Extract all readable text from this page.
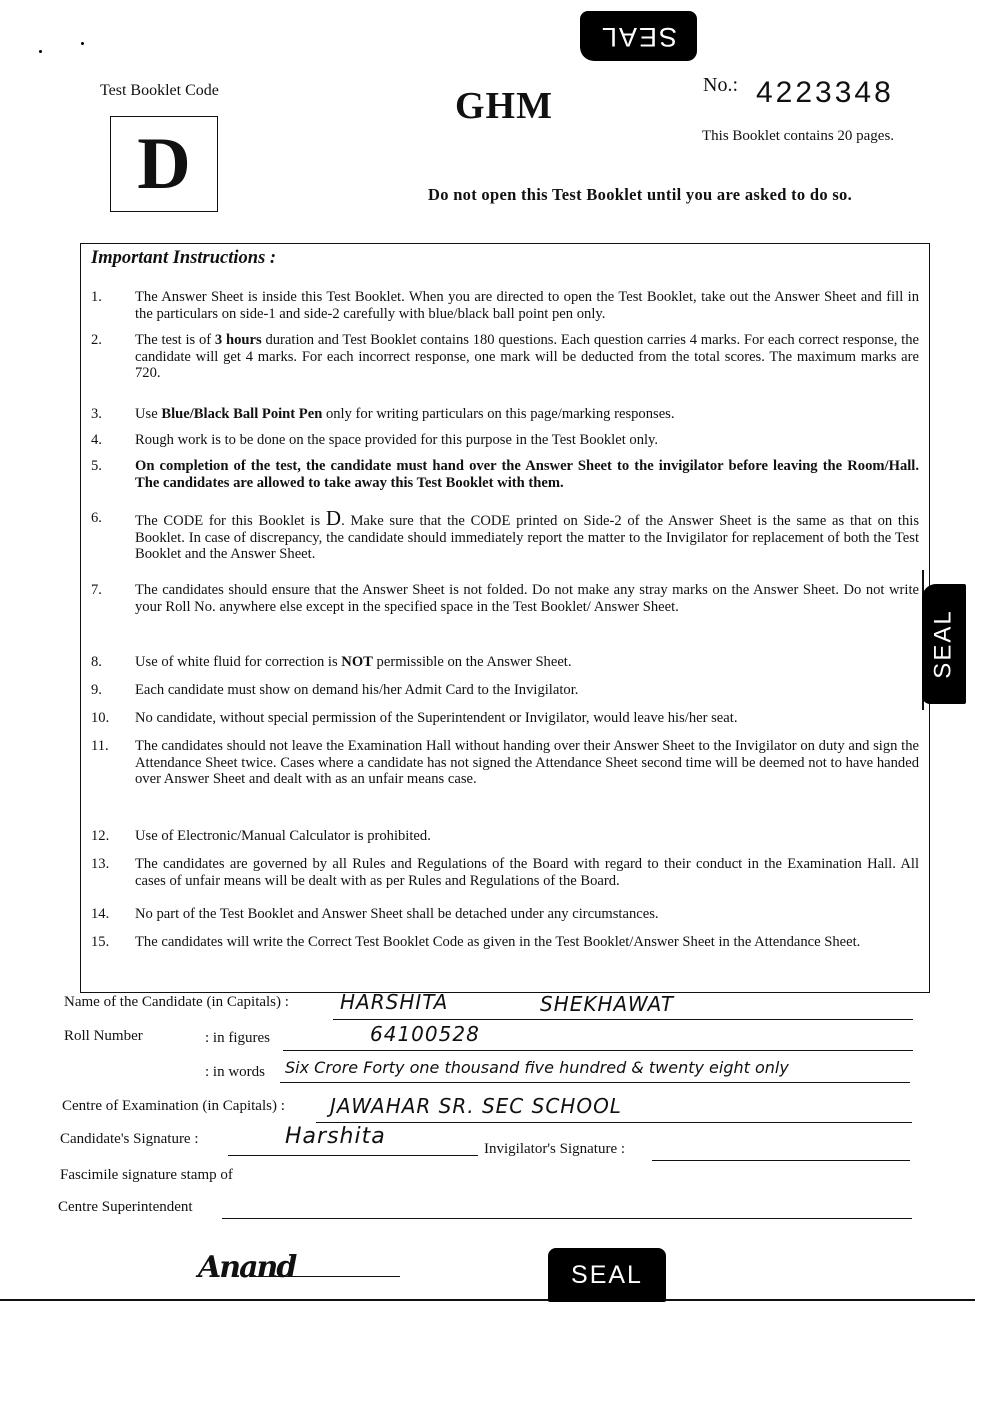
SEAL
Test Booklet Code
D
GHM	No.: 4223348
This Booklet contains 20 pages.
Do not open this Test Booklet until you are asked to do so.
Important Instructions :
1. The Answer Sheet is inside this Test Booklet. When you are directed to open the Test Booklet, take out the Answer Sheet and fill in the particulars on side-1 and side-2 carefully with blue/black ball point pen only.
2. The test is of 3 hours duration and Test Booklet contains 180 questions. Each question carries 4 marks. For each correct response, the candidate will get 4 marks. For each incorrect response, one mark will be deducted from the total scores. The maximum marks are 720.
3. Use Blue/Black Ball Point Pen only for writing particulars on this page/marking responses.
4. Rough work is to be done on the space provided for this purpose in the Test Booklet only.
5. On completion of the test, the candidate must hand over the Answer Sheet to the invigilator before leaving the Room/Hall. The candidates are allowed to take away this Test Booklet with them.
6. The CODE for this Booklet is D. Make sure that the CODE printed on Side-2 of the Answer Sheet is the same as that on this Booklet. In case of discrepancy, the candidate should immediately report the matter to the Invigilator for replacement of both the Test Booklet and the Answer Sheet.
7. The candidates should ensure that the Answer Sheet is not folded. Do not make any stray marks on the Answer Sheet. Do not write your Roll No. anywhere else except in the specified space in the Test Booklet/ Answer Sheet.
8. Use of white fluid for correction is NOT permissible on the Answer Sheet.
9. Each candidate must show on demand his/her Admit Card to the Invigilator.
10. No candidate, without special permission of the Superintendent or Invigilator, would leave his/her seat.
11. The candidates should not leave the Examination Hall without handing over their Answer Sheet to the Invigilator on duty and sign the Attendance Sheet twice. Cases where a candidate has not signed the Attendance Sheet second time will be deemed not to have handed over Answer Sheet and dealt with as an unfair means case.
12. Use of Electronic/Manual Calculator is prohibited.
13. The candidates are governed by all Rules and Regulations of the Board with regard to their conduct in the Examination Hall. All cases of unfair means will be dealt with as per Rules and Regulations of the Board.
14. No part of the Test Booklet and Answer Sheet shall be detached under any circumstances.
15. The candidates will write the Correct Test Booklet Code as given in the Test Booklet/Answer Sheet in the Attendance Sheet.
SEAL
Name of the Candidate (in Capitals) :	HARSHITA	SHEKHAWAT
Roll Number	: in figures	64100528
: in words Six Crore Forty one thousand five hundred & twenty eight only
Centre of Examination (in Capitals) : JAWAHAR SR. SEC SCHOOL
Candidate's Signature :	Harshita	Invigilator's Signature :
Fascimile signature stamp of
Centre Superintendent
Anand	SEAL
